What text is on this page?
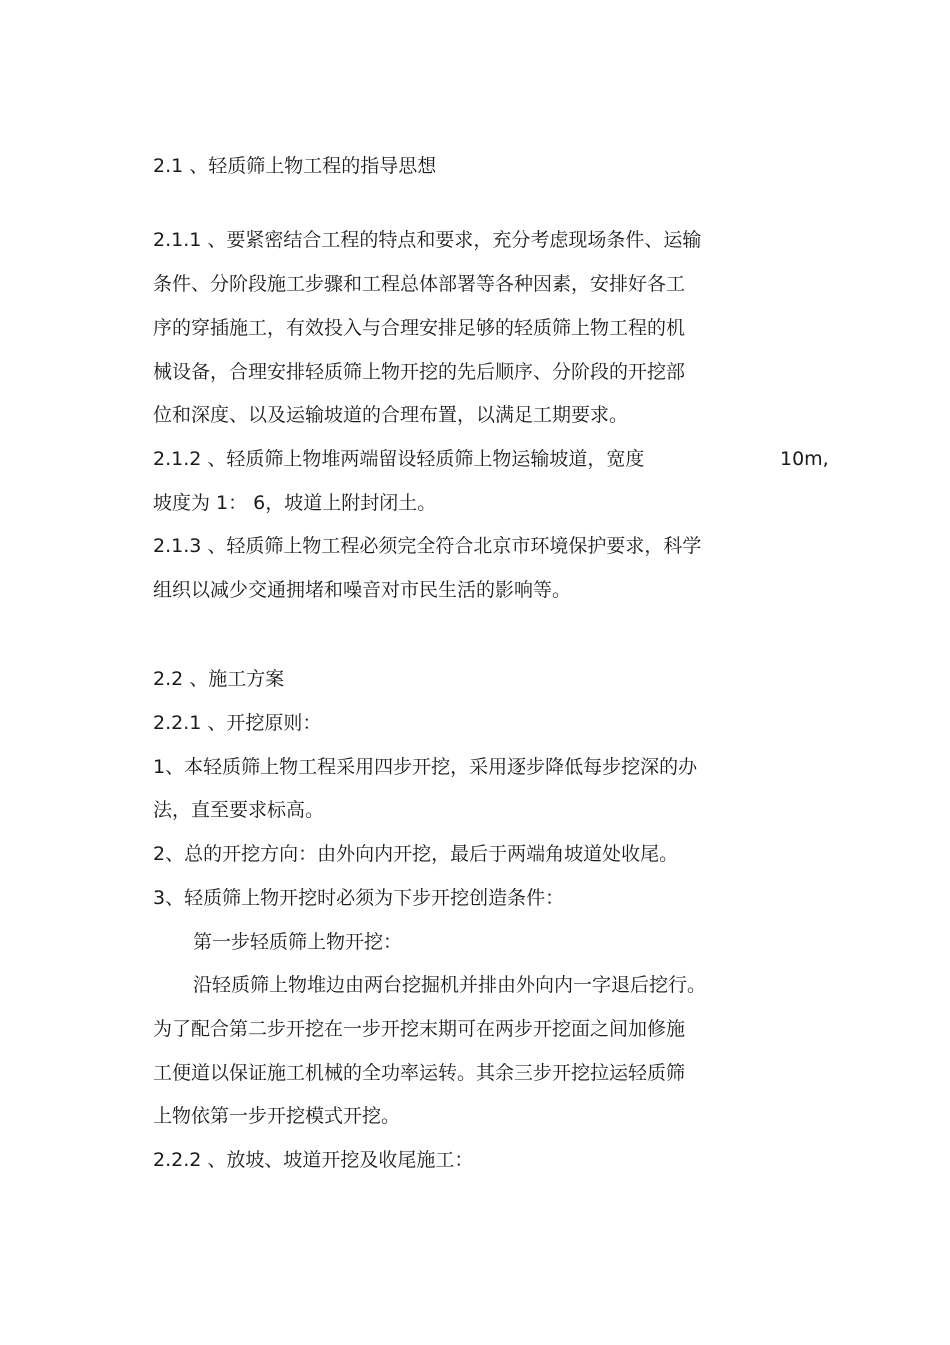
2.1 、轻质筛上物工程的指导思想
2.1.1 、要紧密结合工程的特点和要求，充分考虑现场条件、运输
条件、分阶段施工步骤和工程总体部署等各种因素，安排好各工
序的穿插施工，有效投入与合理安排足够的轻质筛上物工程的机
械设备，合理安排轻质筛上物开挖的先后顺序、分阶段的开挖部
位和深度、以及运输坡道的合理布置，以满足工期要求。
2.1.2 、轻质筛上物堆两端留设轻质筛上物运输坡道，宽度	10m,
坡度为 1： 6，坡道上附封闭土。
2.1.3 、轻质筛上物工程必须完全符合北京市环境保护要求，科学
组织以减少交通拥堵和噪音对市民生活的影响等。
2.2 、施工方案
2.2.1 、开挖原则：
1、本轻质筛上物工程采用四步开挖，采用逐步降低每步挖深的办
法，直至要求标高。
2、总的开挖方向：由外向内开挖，最后于两端角坡道处收尾。
3、轻质筛上物开挖时必须为下步开挖创造条件：
第一步轻质筛上物开挖：
沿轻质筛上物堆边由两台挖掘机并排由外向内一字退后挖行。
为了配合第二步开挖在一步开挖末期可在两步开挖面之间加修施
工便道以保证施工机械的全功率运转。其余三步开挖拉运轻质筛
上物依第一步开挖模式开挖。
2.2.2 、放坡、坡道开挖及收尾施工：
